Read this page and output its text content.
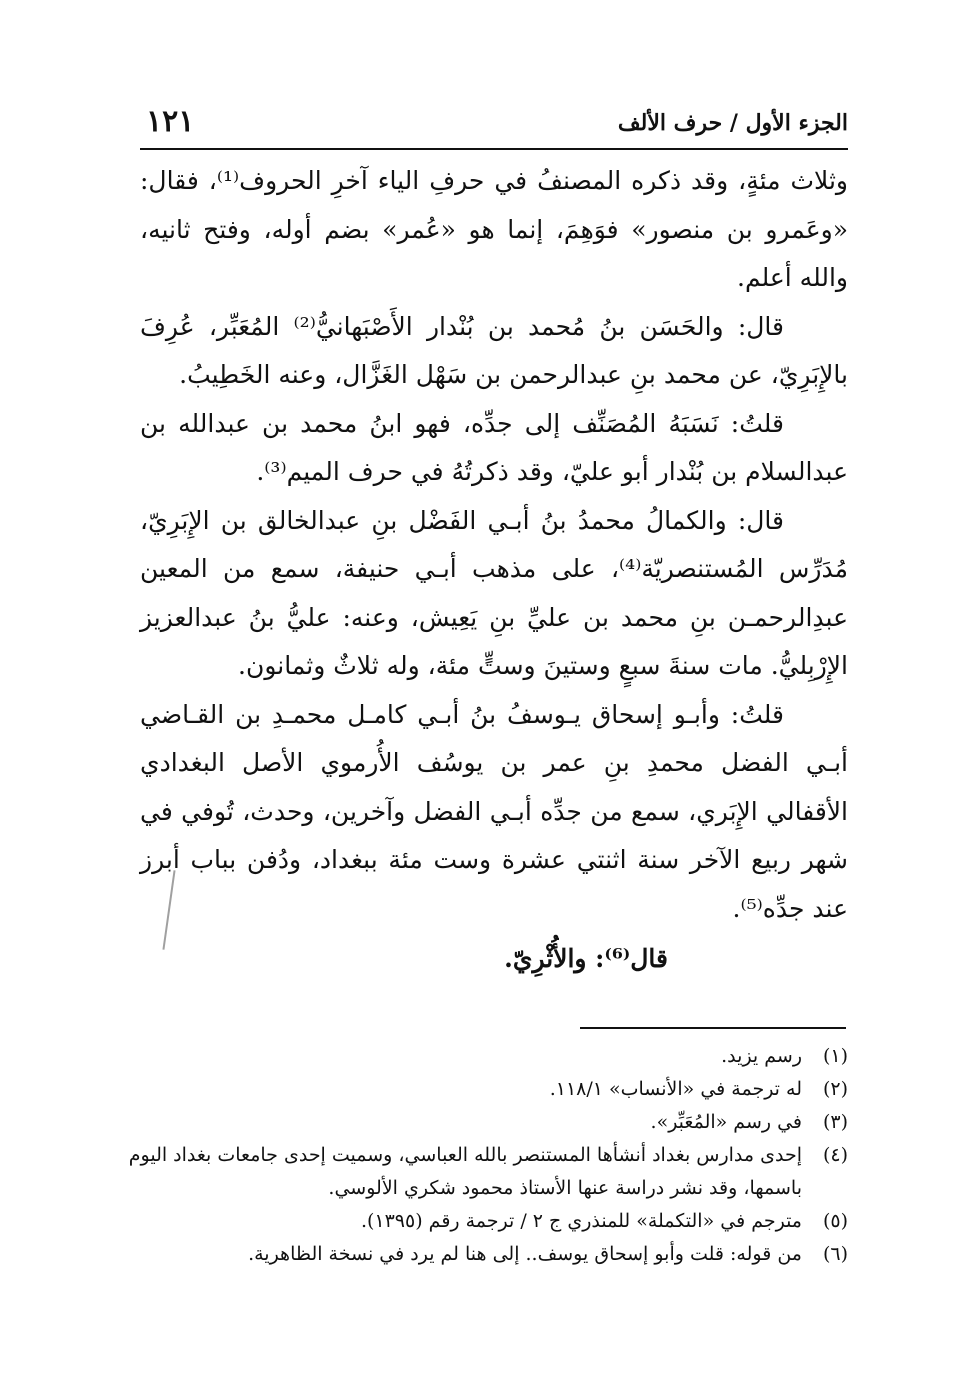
الجزء الأول / حرف الألف
١٢١

وثلاث مئةٍ، وقد ذكره المصنفُ في حرفِ الياء آخرِ الحروف⁽¹⁾، فقال: «وعَمرو بن منصور» فوَهِمَ، إنما هو «عُمر» بضم أوله، وفتح ثانيه، والله أعلم.

قال: والحَسَن بنُ مُحمد بن بُنْدار الأَصْبَهانيُّ⁽²⁾ المُعَبِّر، عُرِفَ بالإِبَرِيّ، عن محمد بنِ عبدالرحمن بن سَهْل الغَزَّال، وعنه الخَطِيبُ.

قلتُ: نَسَبَهُ المُصَنِّف إلى جدِّه، فهو ابنُ محمد بن عبدالله بن عبدالسلام بن بُنْدار أبو عليّ، وقد ذكرتُهُ في حرف الميم⁽³⁾.

قال: والكمالُ محمدُ بنُ أبـي الفَضْل بنِ عبدالخالق بن الإِبَرِيّ، مُدَرِّس المُستنصريّة⁽⁴⁾، على مذهب أبـي حنيفة، سمع من المعين عبدِالرحمـن بنِ محمد بن عليِّ بنِ يَعِيش، وعنه: عليُّ بنُ عبدالعزيز الإِرْبِليُّ. مات سنةَ سبعٍ وستينَ وستٍّ مئة، وله ثلاثٌ وثمانون.

قلتُ: وأبـو إسحاق يـوسفُ بنُ أبـي كامـل محمـدِ بن القـاضي أبـي الفضل محمدِ بنِ عمر بن يوسُف الأُرموي الأصل البغدادي الأقفالي الإِبَري، سمع من جدِّه أبـي الفضل وآخرين، وحدث، تُوفي في شهر ربيع الآخر سنة اثنتي عشرة وست مئة ببغداد، ودُفن بباب أبرز عند جدِّه⁽⁵⁾.

قال⁽⁶⁾: والأُثْرِيّ.

(١)رسم يزيد.

(٢)له ترجمة في «الأنساب» ١١٨/١.

(٣)في رسم «المُعَبِّر».

(٤)إحدى مدارس بغداد أنشأها المستنصر بالله العباسي، وسميت إحدى جامعات بغداد اليوم باسمها، وقد نشر دراسة عنها الأستاذ محمود شكري الألوسي.

(٥)مترجم في «التكملة» للمنذري ج ٢ / ترجمة رقم (١٣٩٥).

(٦)من قوله: قلت وأبو إسحاق يوسف.. إلى هنا لم يرد في نسخة الظاهرية.
